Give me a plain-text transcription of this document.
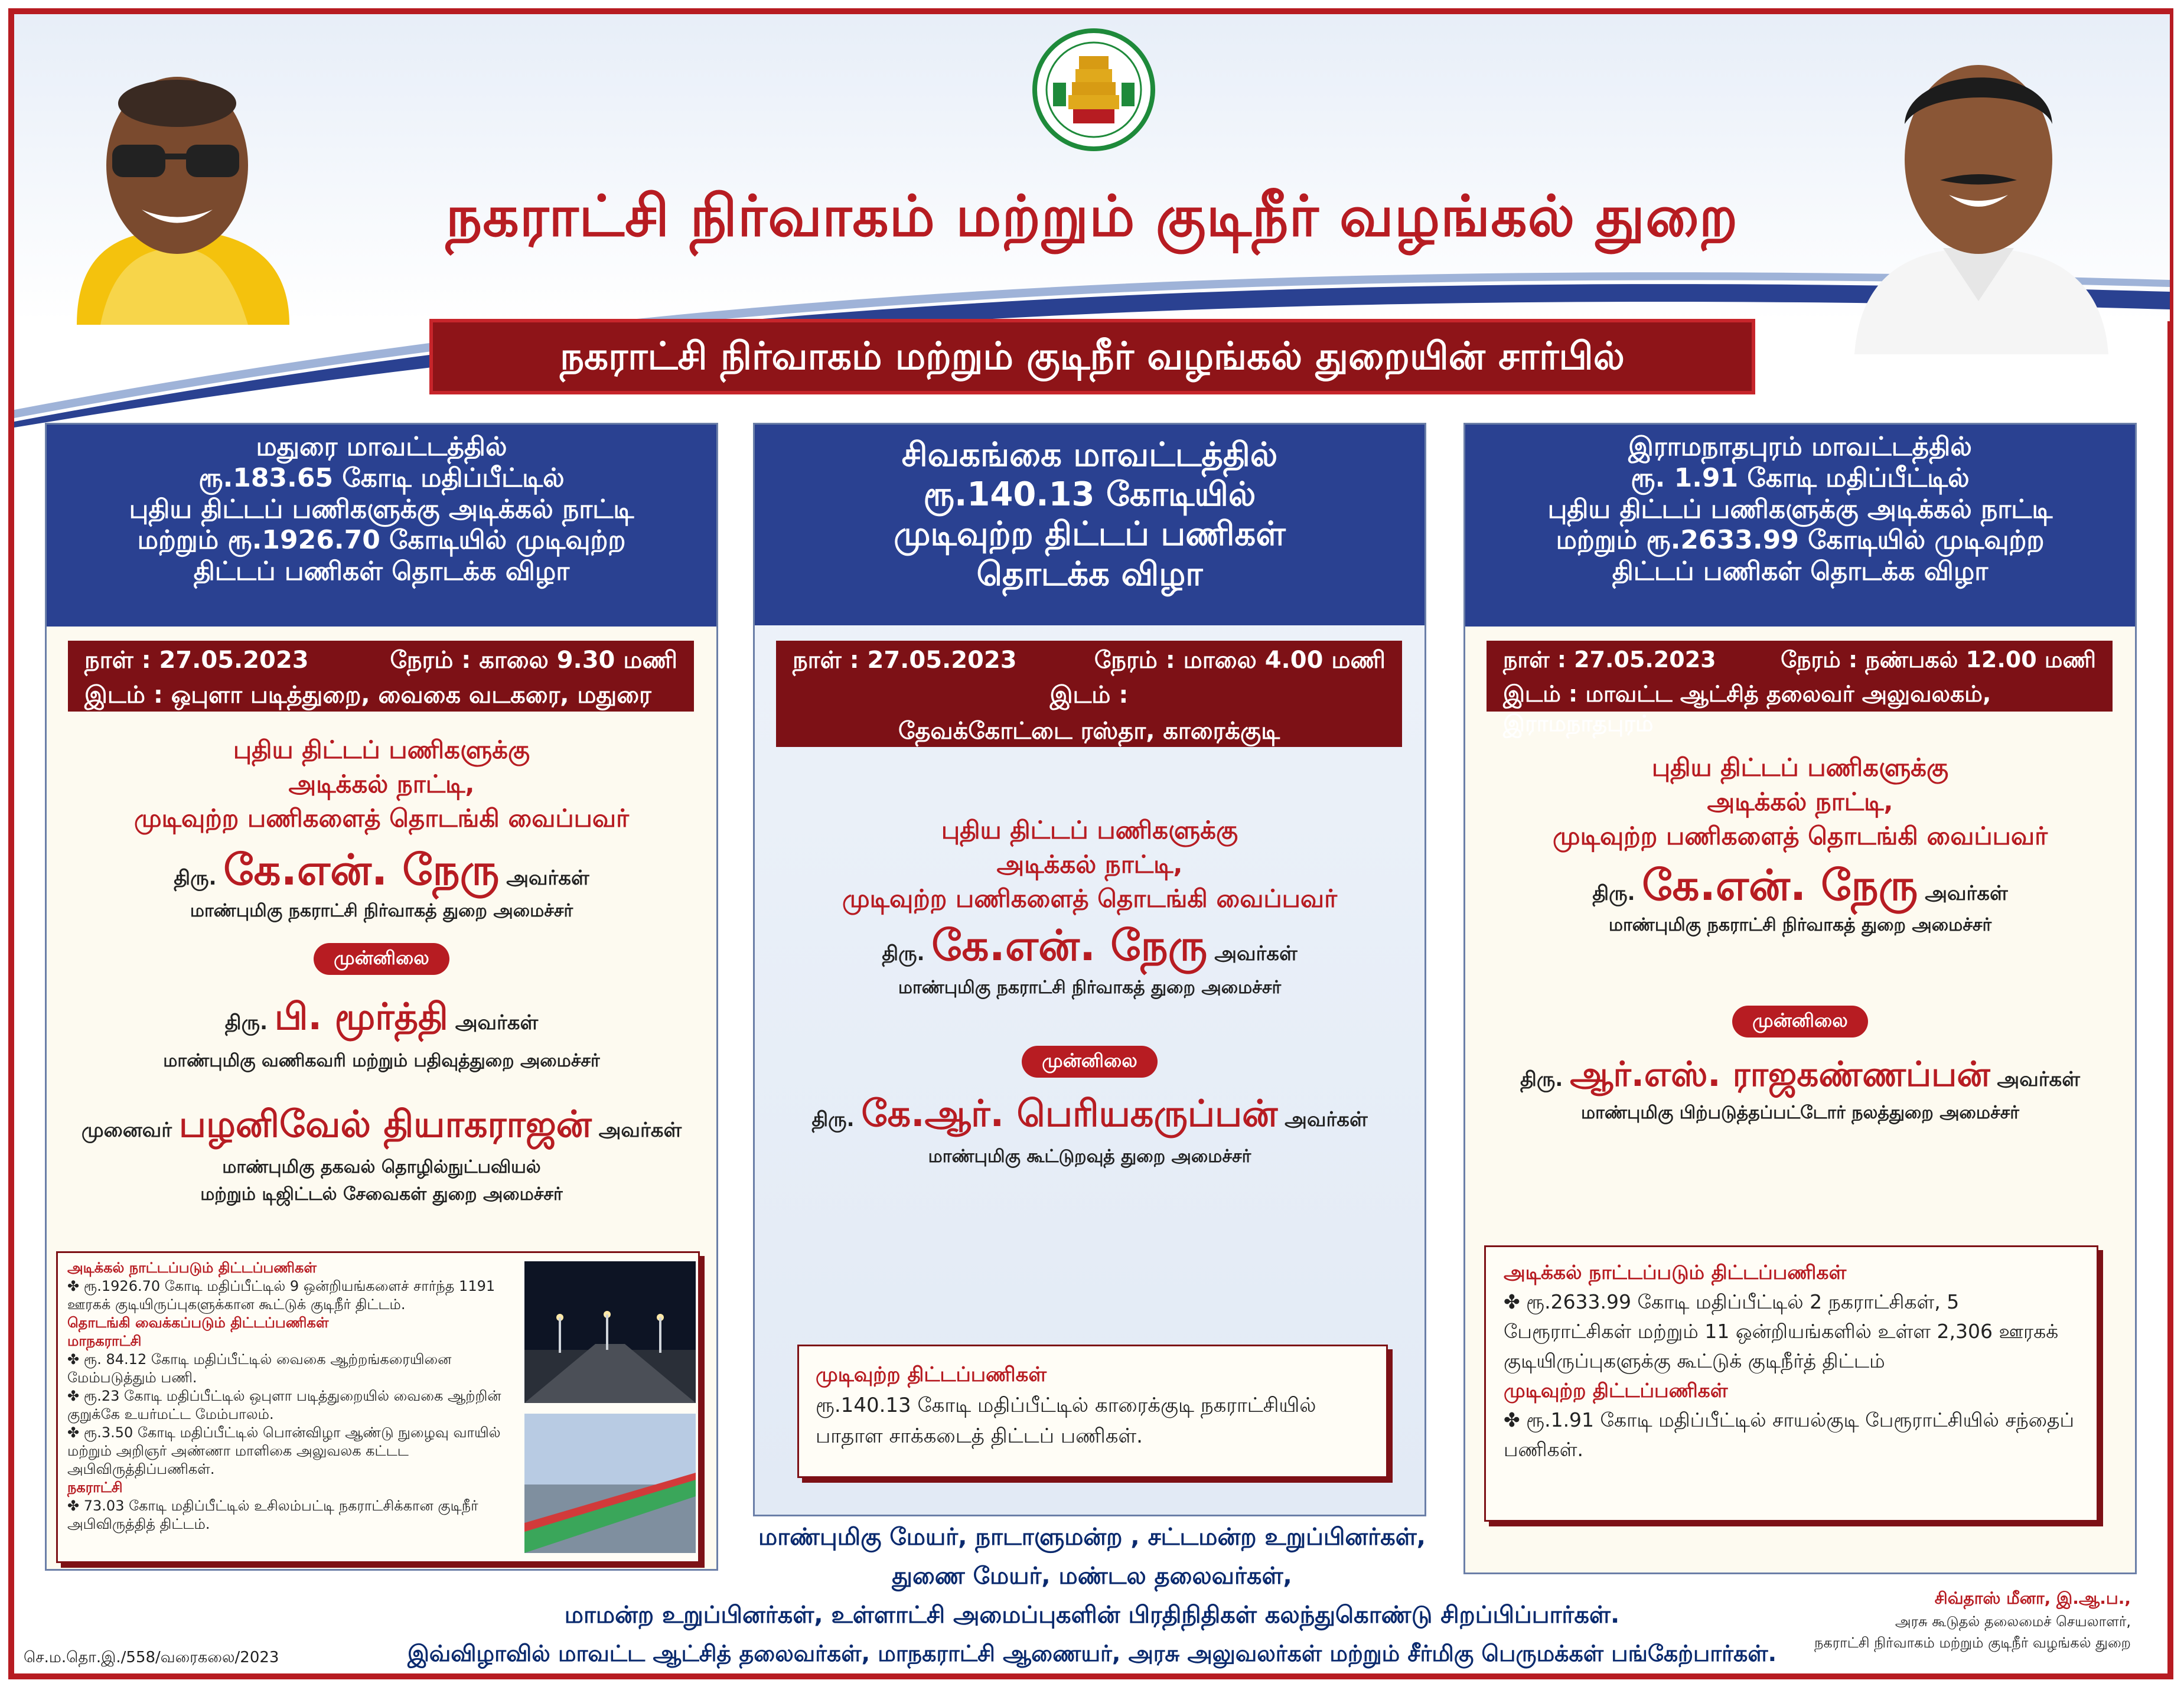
நகராட்சி நிர்வாகம் மற்றும் குடிநீர் வழங்கல் துறை
நகராட்சி நிர்வாகம் மற்றும் குடிநீர் வழங்கல் துறையின் சார்பில்
மதுரை மாவட்டத்தில்
ரூ.183.65 கோடி மதிப்பீட்டில்
புதிய திட்டப் பணிகளுக்கு அடிக்கல் நாட்டி
மற்றும் ரூ.1926.70 கோடியில் முடிவுற்ற
திட்டப் பணிகள் தொடக்க விழா
நாள் : 27.05.2023	நேரம் : காலை 9.30 மணி
இடம் : ஒபுளா படித்துறை, வைகை வடகரை, மதுரை
புதிய திட்டப் பணிகளுக்கு
அடிக்கல் நாட்டி,
முடிவுற்ற பணிகளைத் தொடங்கி வைப்பவர்
திரு. கே.என். நேரு அவர்கள்
மாண்புமிகு நகராட்சி நிர்வாகத் துறை அமைச்சர்
முன்னிலை
திரு. பி. மூர்த்தி அவர்கள்
மாண்புமிகு வணிகவரி மற்றும் பதிவுத்துறை அமைச்சர்
முனைவர் பழனிவேல் தியாகராஜன் அவர்கள்
மாண்புமிகு தகவல் தொழில்நுட்பவியல்
மற்றும் டிஜிட்டல் சேவைகள் துறை அமைச்சர்
அடிக்கல் நாட்டப்படும் திட்டப்பணிகள்
✤ ரூ.1926.70 கோடி மதிப்பீட்டில் 9 ஒன்றியங்களைச் சார்ந்த 1191 ஊரகக் குடியிருப்புகளுக்கான கூட்டுக் குடிநீர் திட்டம்.
தொடங்கி வைக்கப்படும் திட்டப்பணிகள்
மாநகராட்சி
✤ ரூ. 84.12 கோடி மதிப்பீட்டில் வைகை ஆற்றங்கரையினை மேம்படுத்தும் பணி.
✤ ரூ.23 கோடி மதிப்பீட்டில் ஒபுளா படித்துறையில் வைகை ஆற்றின் குறுக்கே உயர்மட்ட மேம்பாலம்.
✤ ரூ.3.50 கோடி மதிப்பீட்டில் பொன்விழா ஆண்டு நுழைவு வாயில் மற்றும் அறிஞர் அண்ணா மாளிகை அலுவலக கட்டட அபிவிருத்திப்பணிகள்.
நகராட்சி
✤ 73.03 கோடி மதிப்பீட்டில் உசிலம்பட்டி நகராட்சிக்கான குடிநீர் அபிவிருத்தித் திட்டம்.
சிவகங்கை மாவட்டத்தில்
ரூ.140.13 கோடியில்
முடிவுற்ற திட்டப் பணிகள்
தொடக்க விழா
நாள் : 27.05.2023	நேரம் : மாலை 4.00 மணி
இடம் :
தேவக்கோட்டை ரஸ்தா, காரைக்குடி
புதிய திட்டப் பணிகளுக்கு
அடிக்கல் நாட்டி,
முடிவுற்ற பணிகளைத் தொடங்கி வைப்பவர்
திரு. கே.என். நேரு அவர்கள்
மாண்புமிகு நகராட்சி நிர்வாகத் துறை அமைச்சர்
முன்னிலை
திரு. கே.ஆர். பெரியகருப்பன் அவர்கள்
மாண்புமிகு கூட்டுறவுத் துறை அமைச்சர்
முடிவுற்ற திட்டப்பணிகள்
ரூ.140.13 கோடி மதிப்பீட்டில் காரைக்குடி நகராட்சியில் பாதாள சாக்கடைத் திட்டப் பணிகள்.
இராமநாதபுரம் மாவட்டத்தில்
ரூ. 1.91 கோடி மதிப்பீட்டில்
புதிய திட்டப் பணிகளுக்கு அடிக்கல் நாட்டி
மற்றும் ரூ.2633.99 கோடியில் முடிவுற்ற
திட்டப் பணிகள் தொடக்க விழா
நாள் : 27.05.2023	நேரம் : நண்பகல் 12.00 மணி
இடம் : மாவட்ட ஆட்சித் தலைவர் அலுவலகம், இராமநாதபுரம்
புதிய திட்டப் பணிகளுக்கு
அடிக்கல் நாட்டி,
முடிவுற்ற பணிகளைத் தொடங்கி வைப்பவர்
திரு. கே.என். நேரு அவர்கள்
மாண்புமிகு நகராட்சி நிர்வாகத் துறை அமைச்சர்
முன்னிலை
திரு. ஆர்.எஸ். ராஜகண்ணப்பன் அவர்கள்
மாண்புமிகு பிற்படுத்தப்பட்டோர் நலத்துறை அமைச்சர்
அடிக்கல் நாட்டப்படும் திட்டப்பணிகள்
✤ ரூ.2633.99 கோடி மதிப்பீட்டில் 2 நகராட்சிகள், 5 பேரூராட்சிகள் மற்றும் 11 ஒன்றியங்களில் உள்ள 2,306 ஊரகக் குடியிருப்புகளுக்கு கூட்டுக் குடிநீர்த் திட்டம்
முடிவுற்ற திட்டப்பணிகள்
✤ ரூ.1.91 கோடி மதிப்பீட்டில் சாயல்குடி பேரூராட்சியில் சந்தைப் பணிகள்.
மாண்புமிகு மேயர், நாடாளுமன்ற , சட்டமன்ற உறுப்பினர்கள்,
துணை மேயர், மண்டல தலைவர்கள்,
மாமன்ற உறுப்பினர்கள், உள்ளாட்சி அமைப்புகளின் பிரதிநிதிகள் கலந்துகொண்டு சிறப்பிப்பார்கள்.
இவ்விழாவில் மாவட்ட ஆட்சித் தலைவர்கள், மாநகராட்சி ஆணையர், அரசு அலுவலர்கள் மற்றும் சீர்மிகு பெருமக்கள் பங்கேற்பார்கள்.
செ.ம.தொ.இ./558/வரைகலை/2023
சிவ்தாஸ் மீனா, இ.ஆ.ப.,
அரசு கூடுதல் தலைமைச் செயலாளர்,
நகராட்சி நிர்வாகம் மற்றும் குடிநீர் வழங்கல் துறை
